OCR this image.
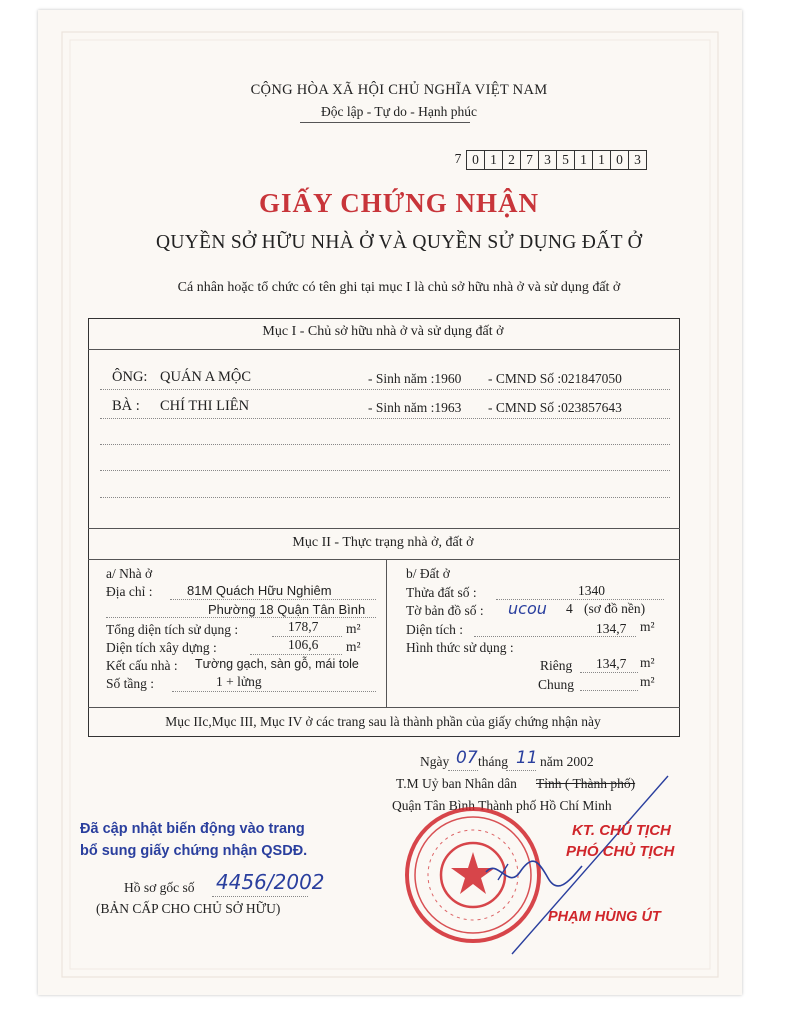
CỘNG HÒA XÃ HỘI CHỦ NGHĨA VIỆT NAM
Độc lập - Tự do - Hạnh phúc
7 0 1 2 7 3 5 1 1 0 3
GIẤY CHỨNG NHẬN
QUYỀN SỞ HỮU NHÀ Ở VÀ QUYỀN SỬ DỤNG ĐẤT Ở
Cá nhân hoặc tổ chức có tên ghi tại mục I là chủ sở hữu nhà ở và sử dụng đất ở
Mục I - Chủ sở hữu nhà ở và sử dụng đất ở
ÔNG: QUÁN A MỘC	- Sinh năm :1960 - CMND Số :021847050
BÀ : CHÍ THI LIÊN	- Sinh năm :1963 - CMND Số :023857643
Mục II - Thực trạng nhà ở, đất ở
a/ Nhà ở
Địa chỉ :	81M Quách Hữu Nghiêm
Phường 18 Quận Tân Bình
Tổng diện tích sử dụng :	178,7 m²
Diện tích xây dựng :	106,6 m²
Kết cấu nhà : Tường gạch, sàn gỗ, mái tole
Số tầng :	1 + lửng
b/ Đất ở
Thửa đất số :	1340
Tờ bản đồ số : ucou 4 (sơ đồ nền)
Diện tích :	134,7 m²
Hình thức sử dụng :
Riêng 134,7 m²
Chung	m²
Mục IIc,Mục III, Mục IV ở các trang sau là thành phần của giấy chứng nhận này
Ngày 07 tháng 11 năm 2002
T.M Uỷ ban Nhân dân Tỉnh ( Thành phố)
Quận Tân Bình Thành phố Hồ Chí Minh
Đã cập nhật biến động vào trang
bổ sung giấy chứng nhận QSDĐ.
Hồ sơ gốc số 4456/2002
(BẢN CẤP CHO CHỦ SỞ HỮU)
KT. CHỦ TỊCH
PHÓ CHỦ TỊCH
PHẠM HÙNG ÚT
